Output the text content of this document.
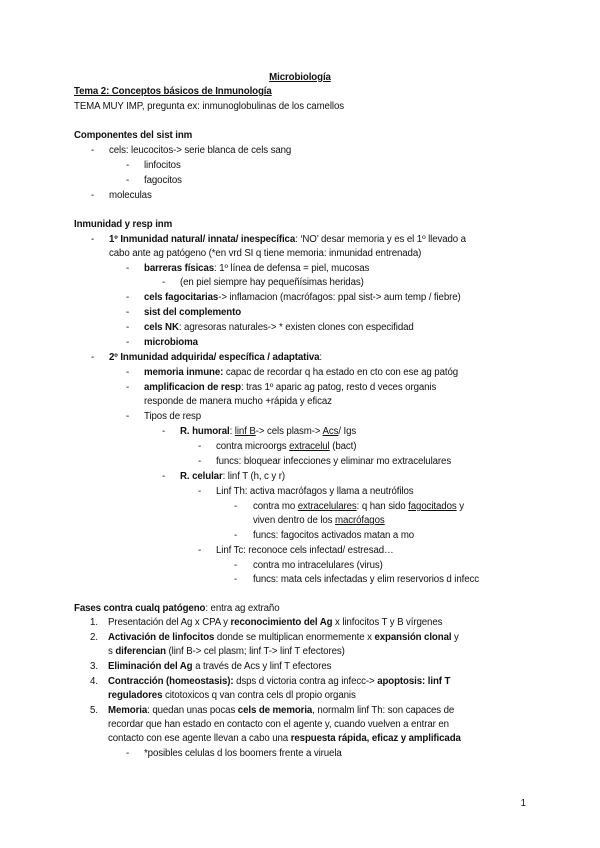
Microbiología
Tema 2: Conceptos básicos de Inmunología
TEMA MUY IMP, pregunta ex: inmunoglobulinas de los camellos
Componentes del sist inm
- cels: leucocitos-> serie blanca de cels sang
- linfocitos
- fagocitos
- moleculas
Inmunidad y resp inm
- 1º Inmunidad natural/ innata/ inespecífica: ‘NO’ desar memoria y es el 1º llevado a
cabo ante ag patógeno (*en vrd SI q tiene memoria: inmunidad entrenada)
- barreras físicas: 1º línea de defensa = piel, mucosas
- (en piel siempre hay pequeñísimas heridas)
- cels fagocitarias-> inflamacion (macrófagos: ppal sist-> aum temp / fiebre)
- sist del complemento
- cels NK: agresoras naturales-> * existen clones con especifidad
- microbioma
- 2º Inmunidad adquirida/ específica / adaptativa:
- memoria inmune: capac de recordar q ha estado en cto con ese ag patóg
- amplificacion de resp: tras 1º aparic ag patog, resto d veces organis
responde de manera mucho +rápida y eficaz
- Tipos de resp
- R. humoral: linf B-> cels plasm-> Acs/ Igs
- contra microorgs extracelul (bact)
- funcs: bloquear infecciones y eliminar mo extracelulares
- R. celular: linf T (h, c y r)
- Linf Th: activa macrófagos y llama a neutrófilos
- contra mo extracelulares: q han sido fagocitados y
viven dentro de los macrófagos
- funcs: fagocitos activados matan a mo
- Linf Tc: reconoce cels infectad/ estresad…
- contra mo intracelulares (virus)
- funcs: mata cels infectadas y elim reservorios d infecc
Fases contra cualq patógeno: entra ag extraño
1. Presentación del Ag x CPA y reconocimiento del Ag x linfocitos T y B vírgenes
2. Activación de linfocitos donde se multiplican enormemente x expansión clonal y
s diferencian (linf B-> cel plasm; linf T-> linf T efectores)
3. Eliminación del Ag a través de Acs y linf T efectores
4. Contracción (homeostasis): dsps d victoria contra ag infecc-> apoptosis: linf T
reguladores citotoxicos q van contra cels dl propio organis
5. Memoria: quedan unas pocas cels de memoria, normalm linf Th: son capaces de
recordar que han estado en contacto con el agente y, cuando vuelven a entrar en
contacto con ese agente llevan a cabo una respuesta rápida, eficaz y amplificada
- *posibles celulas d los boomers frente a viruela
1
